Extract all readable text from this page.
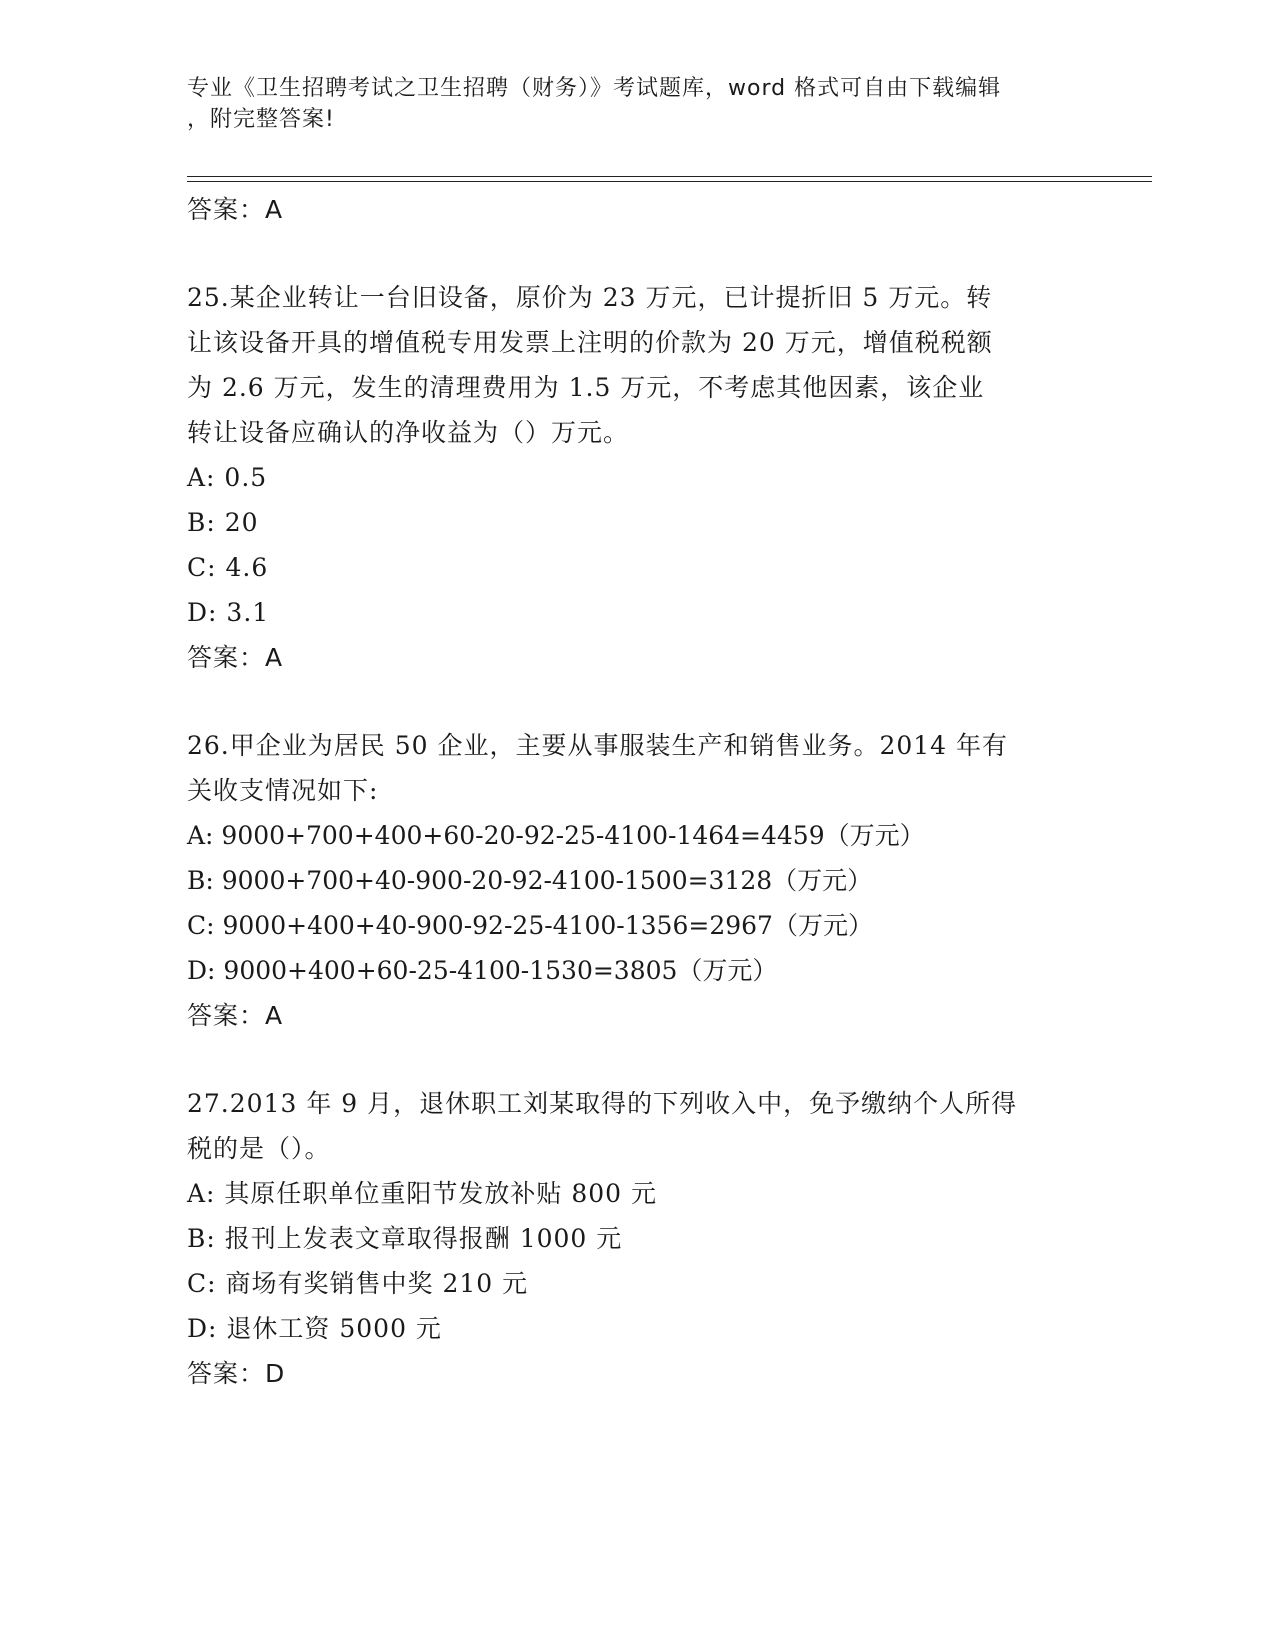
专业《卫生招聘考试之卫生招聘（财务）》考试题库，word 格式可自由下载编辑
，附完整答案!
答案：A
25.某企业转让一台旧设备，原价为 23 万元，已计提折旧 5 万元。转
让该设备开具的增值税专用发票上注明的价款为 20 万元，增值税税额
为 2.6 万元，发生的清理费用为 1.5 万元，不考虑其他因素，该企业
转让设备应确认的净收益为（）万元。
A: 0.5
B: 20
C: 4.6
D: 3.1
答案：A
26.甲企业为居民 50 企业，主要从事服装生产和销售业务。2014 年有
关收支情况如下:
A: 9000+700+400+60-20-92-25-4100-1464=4459（万元）
B: 9000+700+40-900-20-92-4100-1500=3128（万元）
C: 9000+400+40-900-92-25-4100-1356=2967（万元）
D: 9000+400+60-25-4100-1530=3805（万元）
答案：A
27.2013 年 9 月，退休职工刘某取得的下列收入中，免予缴纳个人所得
税的是（）。
A: 其原任职单位重阳节发放补贴 800 元
B: 报刊上发表文章取得报酬 1000 元
C: 商场有奖销售中奖 210 元
D: 退休工资 5000 元
答案：D
